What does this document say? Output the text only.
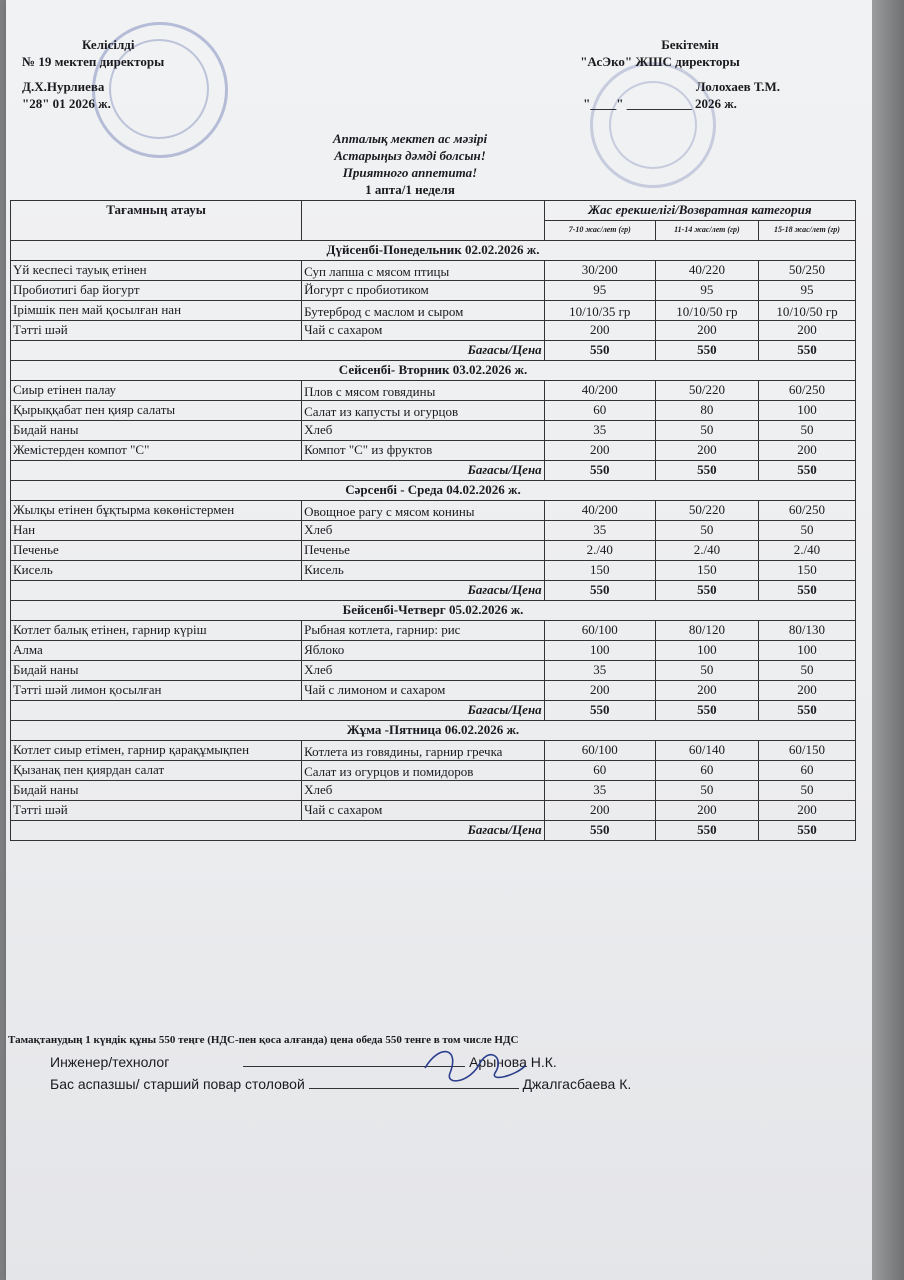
Келісілді
№ 19 мектеп директоры
Д.Х.Нурлиева
"28" 01 2026 ж.
Бекітемін
"АсЭко" ЖШС директоры
Лолохаев Т.М.
"____" __________ 2026 ж.
Апталық мектеп ас мәзірі
Астарыңыз дәмді болсын!
Приятного аппетита!
1 апта/1 неделя
Тағамның атауы		Жас ерекшелігі/Возвратная категория		
		7-10 жас/лет (гр)	11-14 жас/лет (гр)	15-18 жас/лет (гр)
Дүйсенбі-Понедельник 02.02.2026 ж.				
Үй кеспесі тауық етінен	Суп лапша с мясом птицы	30/200	40/220	50/250
Пробиотигі бар йогурт	Йогурт с пробиотиком	95	95	95
Ірімшік пен май қосылған нан	Бутерброд с маслом и сыром	10/10/35 гр	10/10/50 гр	10/10/50 гр
Тәтті шәй	Чай с сахаром	200	200	200
Бағасы/Цена		550	550	550
Сейсенбі- Вторник 03.02.2026 ж.				
Сиыр етінен палау	Плов с мясом говядины	40/200	50/220	60/250
Қырыққабат пен қияр салаты	Салат из капусты и огурцов	60	80	100
Бидай наны	Хлеб	35	50	50
Жемістерден компот "С"	Компот "С" из фруктов	200	200	200
Бағасы/Цена		550	550	550
Сәрсенбі - Среда 04.02.2026 ж.				
Жылқы етінен бұқтырма көкөністермен	Овощное рагу с мясом конины	40/200	50/220	60/250
Нан	Хлеб	35	50	50
Печенье	Печенье	2./40	2./40	2./40
Кисель	Кисель	150	150	150
Бағасы/Цена		550	550	550
Бейсенбі-Четверг 05.02.2026 ж.				
Котлет балық етінен, гарнир күріш	Рыбная котлета, гарнир: рис	60/100	80/120	80/130
Алма	Яблоко	100	100	100
Бидай наны	Хлеб	35	50	50
Тәтті шәй лимон қосылған	Чай с лимоном и сахаром	200	200	200
Бағасы/Цена		550	550	550
Жұма -Пятница 06.02.2026 ж.				
Котлет сиыр етімен, гарнир қарақұмықпен	Котлета из говядины, гарнир гречка	60/100	60/140	60/150
Қызанақ пен қиярдан салат	Салат из огурцов и помидоров	60	60	60
Бидай наны	Хлеб	35	50	50
Тәтті шәй	Чай с сахаром	200	200	200
Бағасы/Цена		550	550	550
Тамақтанудың 1 күндік құны 550 теңге (НДС-пен қоса алғанда) цена обеда 550 тенге в том числе НДС
Инженер/технолог	Арынова Н.К.
Бас аспазшы/ старший повар столовой	Джалгасбаева К.
